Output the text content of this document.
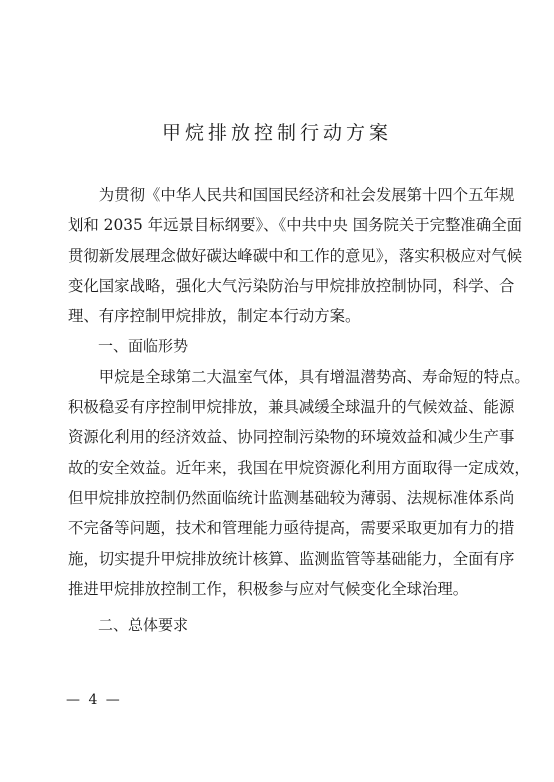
甲烷排放控制行动方案

为贯彻《中华人民共和国国民经济和社会发展第十四个五年规
划和 2035 年远景目标纲要》、《中共中央 国务院关于完整准确全面
贯彻新发展理念做好碳达峰碳中和工作的意见》，落实积极应对气候
变化国家战略，强化大气污染防治与甲烷排放控制协同，科学、合
理、有序控制甲烷排放，制定本行动方案。

一、面临形势

甲烷是全球第二大温室气体，具有增温潜势高、寿命短的特点。
积极稳妥有序控制甲烷排放，兼具减缓全球温升的气候效益、能源
资源化利用的经济效益、协同控制污染物的环境效益和减少生产事
故的安全效益。近年来，我国在甲烷资源化利用方面取得一定成效，
但甲烷排放控制仍然面临统计监测基础较为薄弱、法规标准体系尚
不完备等问题，技术和管理能力亟待提高，需要采取更加有力的措
施，切实提升甲烷排放统计核算、监测监管等基础能力，全面有序
推进甲烷排放控制工作，积极参与应对气候变化全球治理。

二、总体要求

— 4 —
